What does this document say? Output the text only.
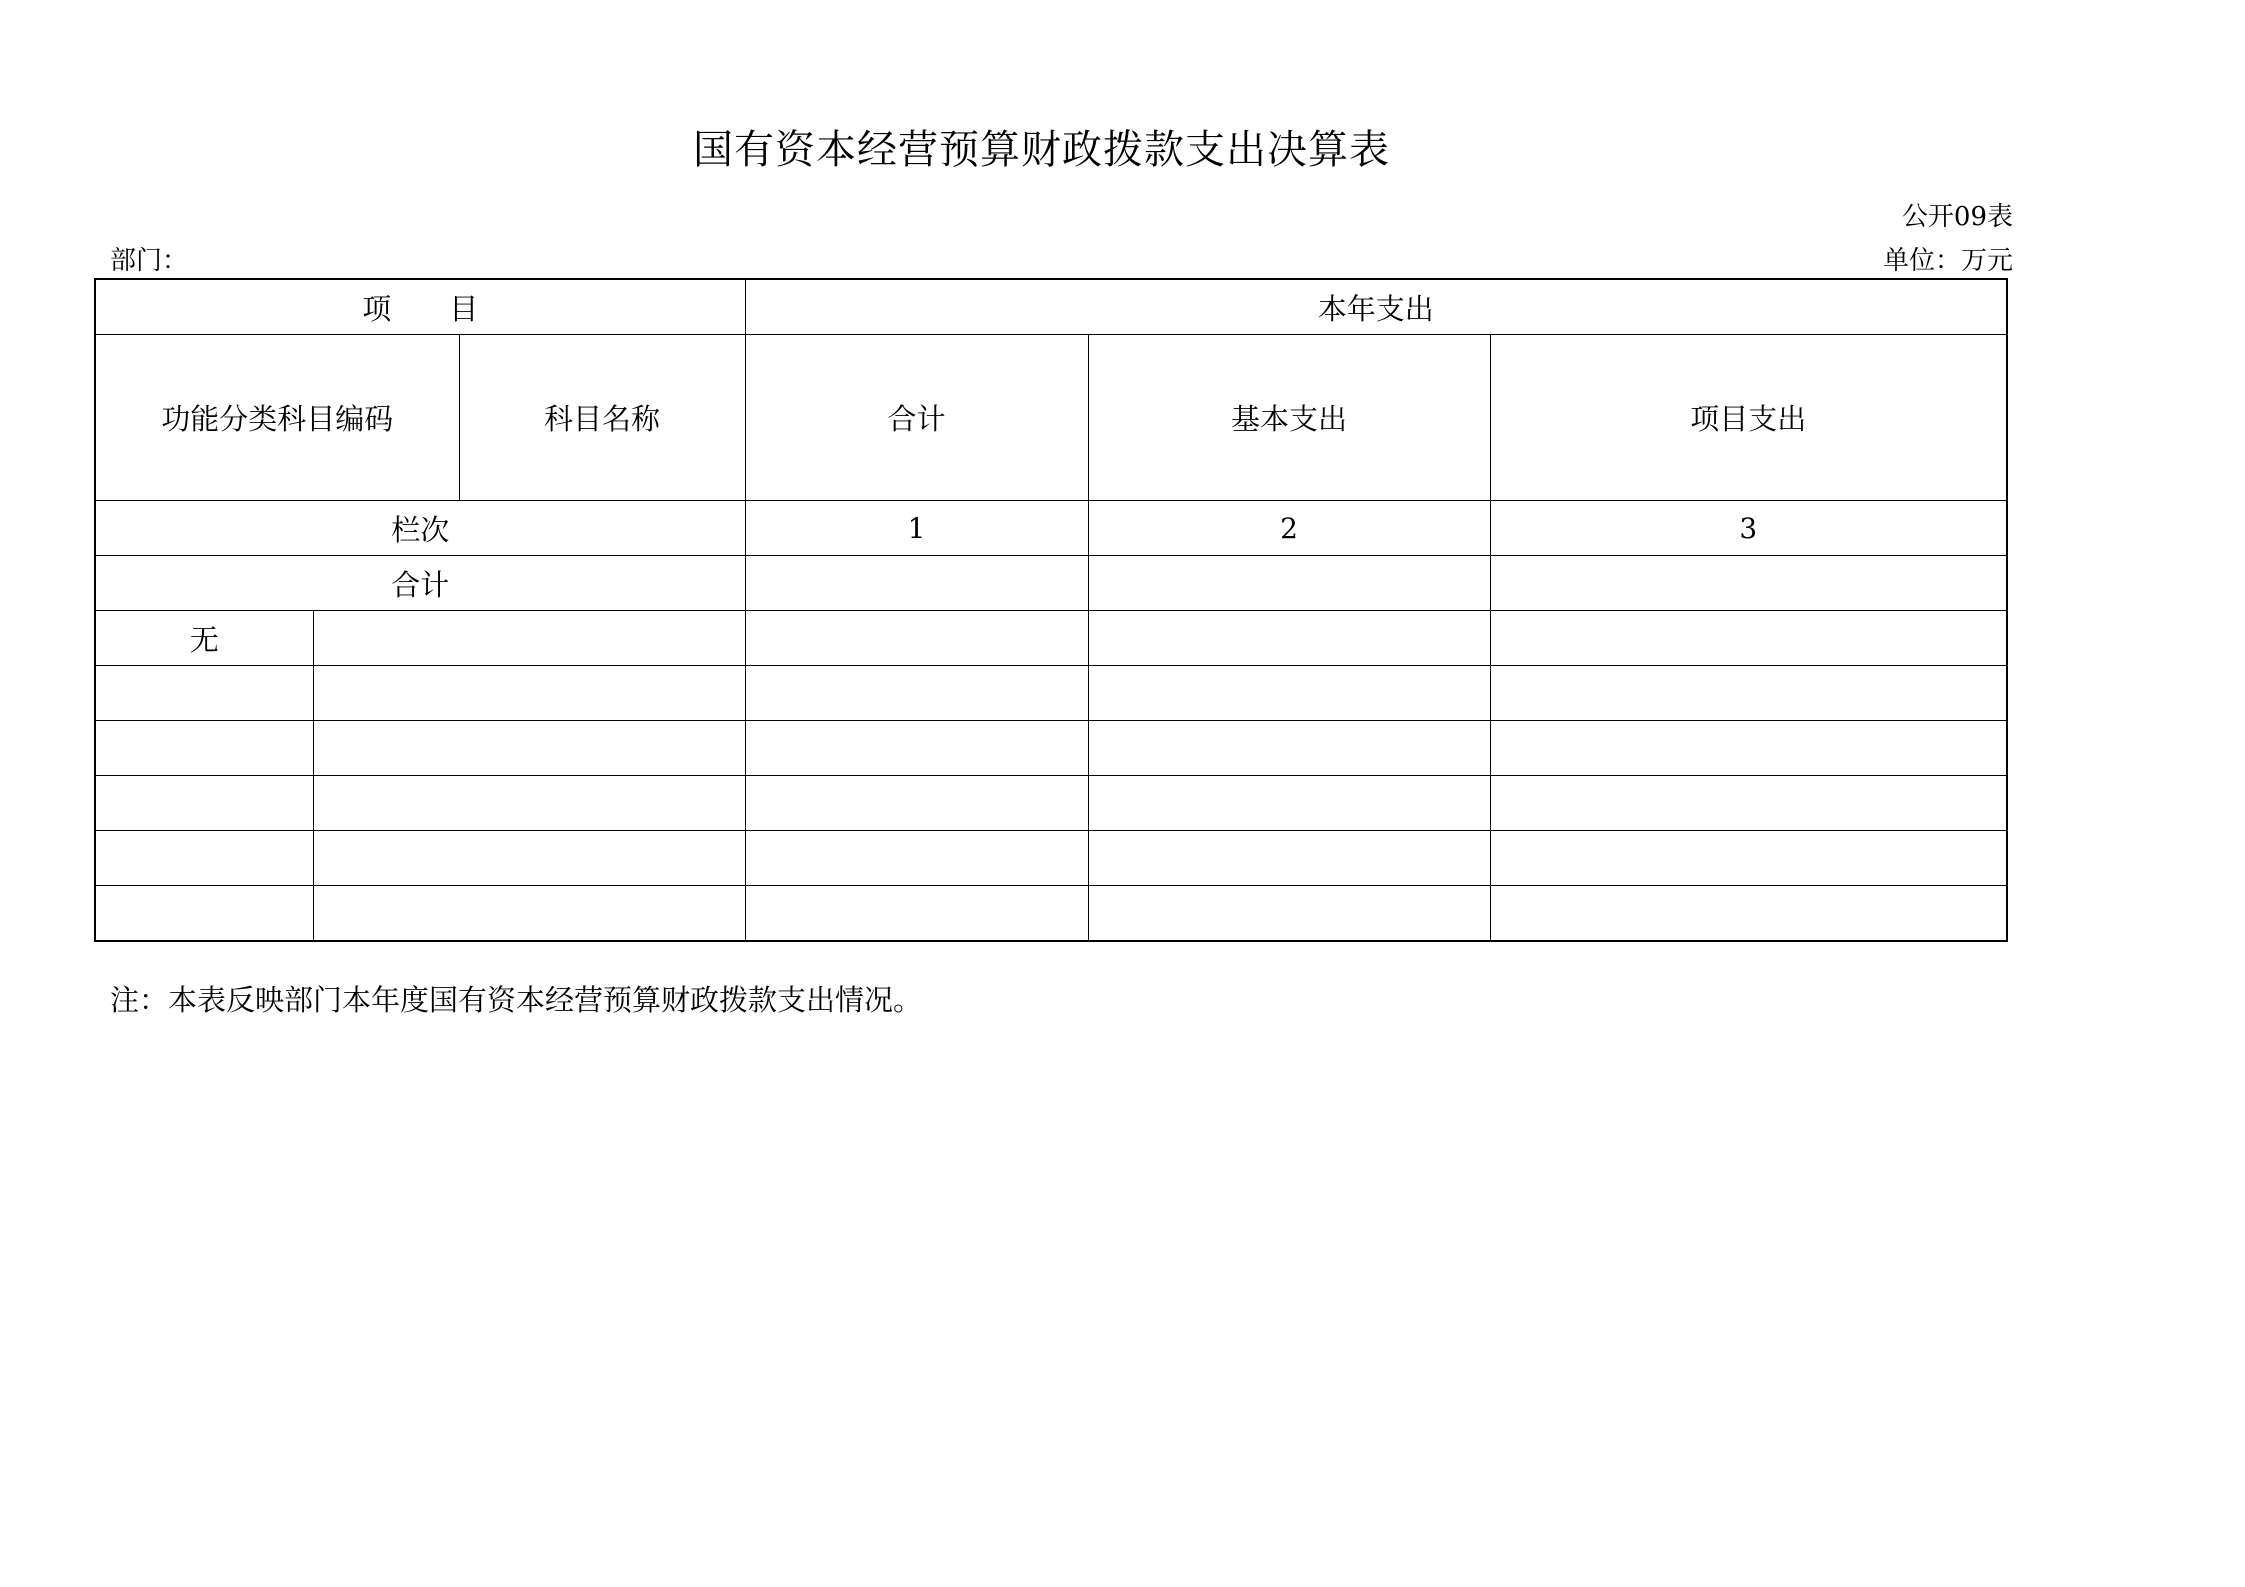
国有资本经营预算财政拨款支出决算表
公开09表
部门：	单位：万元
项　　目			本年支出		
功能分类科目编码		科目名称	合计	基本支出	项目支出
栏次			1	2	3
合计					
无					

注：本表反映部门本年度国有资本经营预算财政拨款支出情况。
